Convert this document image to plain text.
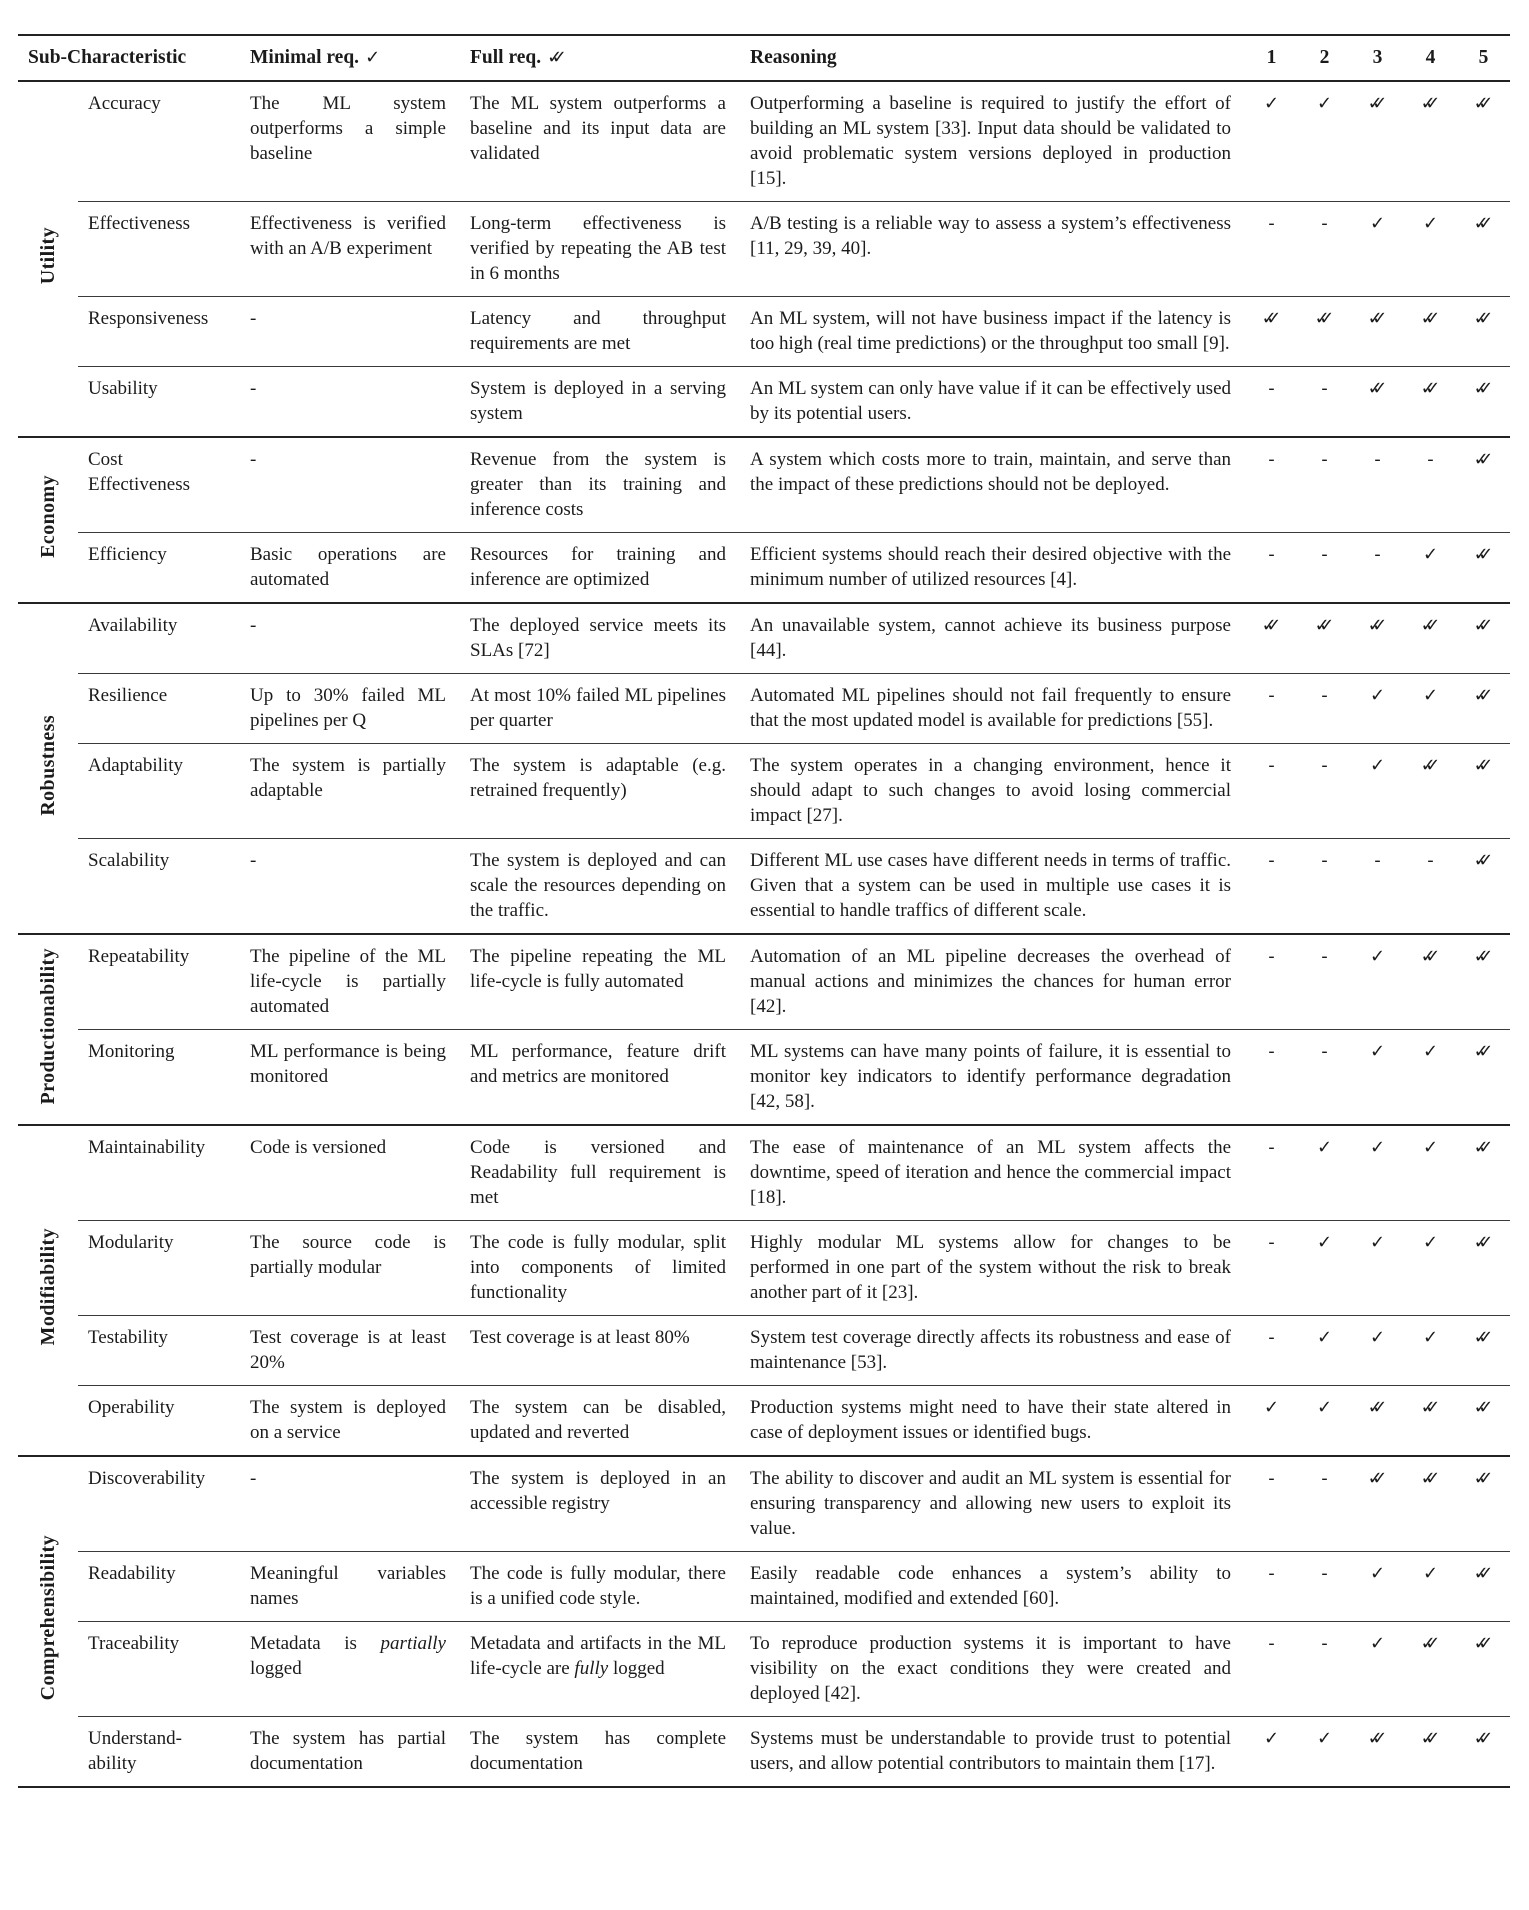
Sub-Characteristic		Minimal req. ✓	Full req. ✓✓	Reasoning	1	2	3	4	5
Utility	Accuracy	The ML system outperforms a simple baseline	The ML system outperforms a baseline and its input data are validated	Outperforming a baseline is required to justify the effort of building an ML system [33]. Input data should be validated to avoid problematic system versions deployed in production [15].	✓	✓	✓✓	✓✓	✓✓
	Effectiveness	Effectiveness is verified with an A/B experiment	Long-term effectiveness is verified by repeating the AB test in 6 months	A/B testing is a reliable way to assess a system’s effectiveness [11, 29, 39, 40].	-	-	✓	✓	✓✓
	Responsiveness	-	Latency and throughput requirements are met	An ML system, will not have business impact if the latency is too high (real time predictions) or the throughput too small [9].	✓✓	✓✓	✓✓	✓✓	✓✓
	Usability	-	System is deployed in a serving system	An ML system can only have value if it can be effectively used by its potential users.	-	-	✓✓	✓✓	✓✓
Economy	Cost Effectiveness	-	Revenue from the system is greater than its training and inference costs	A system which costs more to train, maintain, and serve than the impact of these predictions should not be deployed.	-	-	-	-	✓✓
	Efficiency	Basic operations are automated	Resources for training and inference are optimized	Efficient systems should reach their desired objective with the minimum number of utilized resources [4].	-	-	-	✓	✓✓
Robustness	Availability	-	The deployed service meets its SLAs [72]	An unavailable system, cannot achieve its business purpose [44].	✓✓	✓✓	✓✓	✓✓	✓✓
	Resilience	Up to 30% failed ML pipelines per Q	At most 10% failed ML pipelines per quarter	Automated ML pipelines should not fail frequently to ensure that the most updated model is available for predictions [55].	-	-	✓	✓	✓✓
	Adaptability	The system is partially adaptable	The system is adaptable (e.g. retrained frequently)	The system operates in a changing environment, hence it should adapt to such changes to avoid losing commercial impact [27].	-	-	✓	✓✓	✓✓
	Scalability	-	The system is deployed and can scale the resources depending on the traffic.	Different ML use cases have different needs in terms of traffic. Given that a system can be used in multiple use cases it is essential to handle traffics of different scale.	-	-	-	-	✓✓
Productionability	Repeatability	The pipeline of the ML life-cycle is partially automated	The pipeline repeating the ML life-cycle is fully automated	Automation of an ML pipeline decreases the overhead of manual actions and minimizes the chances for human error [42].	-	-	✓	✓✓	✓✓
	Monitoring	ML performance is being monitored	ML performance, feature drift and metrics are monitored	ML systems can have many points of failure, it is essential to monitor key indicators to identify performance degradation [42, 58].	-	-	✓	✓	✓✓
Modifiability	Maintainability	Code is versioned	Code is versioned and Readability full requirement is met	The ease of maintenance of an ML system affects the downtime, speed of iteration and hence the commercial impact [18].	-	✓	✓	✓	✓✓
	Modularity	The source code is partially modular	The code is fully modular, split into components of limited functionality	Highly modular ML systems allow for changes to be performed in one part of the system without the risk to break another part of it [23].	-	✓	✓	✓	✓✓
	Testability	Test coverage is at least 20%	Test coverage is at least 80%	System test coverage directly affects its robustness and ease of maintenance [53].	-	✓	✓	✓	✓✓
	Operability	The system is deployed on a service	The system can be disabled, updated and reverted	Production systems might need to have their state altered in case of deployment issues or identified bugs.	✓	✓	✓✓	✓✓	✓✓
Comprehensibility	Discoverability	-	The system is deployed in an accessible registry	The ability to discover and audit an ML system is essential for ensuring transparency and allowing new users to exploit its value.	-	-	✓✓	✓✓	✓✓
	Readability	Meaningful variables names	The code is fully modular, there is a unified code style.	Easily readable code enhances a system’s ability to maintained, modified and extended [60].	-	-	✓	✓	✓✓
	Traceability	Metadata is partially logged	Metadata and artifacts in the ML life-cycle are fully logged	To reproduce production systems it is important to have visibility on the exact conditions they were created and deployed [42].	-	-	✓	✓✓	✓✓
	Understand-ability	The system has partial documentation	The system has complete documentation	Systems must be understandable to provide trust to potential users, and allow potential contributors to maintain them [17].	✓	✓	✓✓	✓✓	✓✓
